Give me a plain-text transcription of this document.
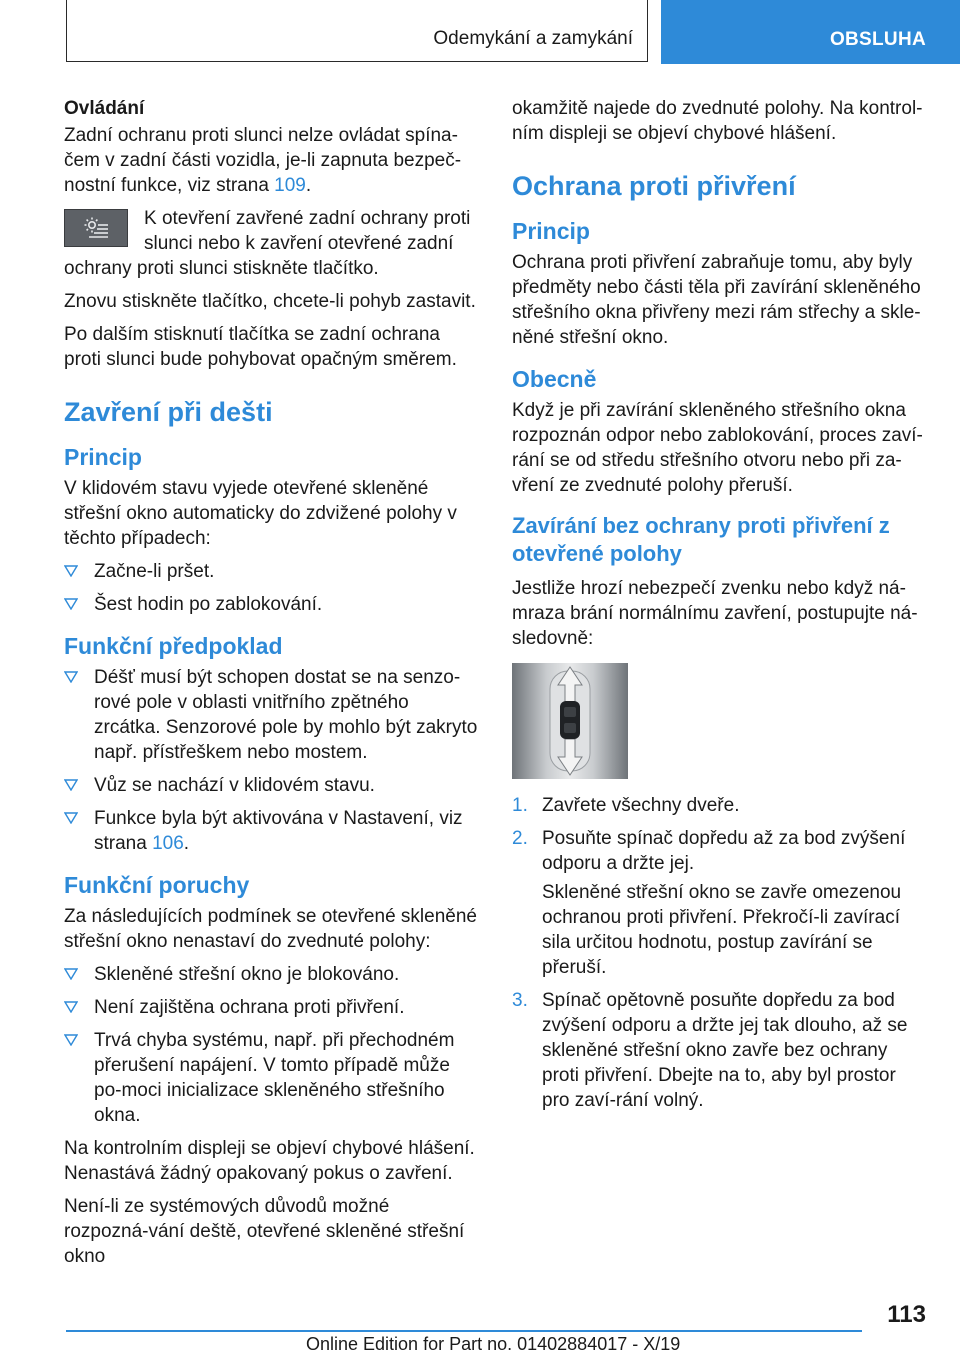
Odemykání a zamykání	OBSLUHA
Ovládání

Zadní ochranu proti slunci nelze ovládat spína-čem v zadní části vozidla, je-li zapnuta bezpeč-nostní funkce, viz strana 109.

K otevření zavřené zadní ochrany proti slunci nebo k zavření otevřené zadní ochrany proti slunci stiskněte tlačítko.

Znovu stiskněte tlačítko, chcete-li pohyb zastavit.

Po dalším stisknutí tlačítka se zadní ochrana proti slunci bude pohybovat opačným směrem.

Zavření při dešti
Princip

V klidovém stavu vyjede otevřené skleněné střešní okno automaticky do zdvižené polohy v těchto případech:

Začne-li pršet.
Šest hodin po zablokování.
Funkční předpoklad
Déšť musí být schopen dostat se na senzo-rové pole v oblasti vnitřního zpětného zrcátka. Senzorové pole by mohlo být zakryto např. přístřeškem nebo mostem.
Vůz se nachází v klidovém stavu.
Funkce byla být aktivována v Nastavení, viz strana 106.
Funkční poruchy

Za následujících podmínek se otevřené skleněné střešní okno nenastaví do zvednuté polohy:

Skleněné střešní okno je blokováno.
Není zajištěna ochrana proti přivření.
Trvá chyba systému, např. při přechodném přerušení napájení. V tomto případě může po-moci inicializace skleněného střešního okna.

Na kontrolním displeji se objeví chybové hlášení. Nenastává žádný opakovaný pokus o zavření.

Není-li ze systémových důvodů možné rozpozná-vání deště, otevřené skleněné střešní okno

okamžitě najede do zvednuté polohy. Na kontrol-ním displeji se objeví chybové hlášení.

Ochrana proti přivření
Princip

Ochrana proti přivření zabraňuje tomu, aby byly předměty nebo části těla při zavírání skleněného střešního okna přivřeny mezi rám střechy a skle-něné střešní okno.

Obecně

Když je při zavírání skleněného střešního okna rozpoznán odpor nebo zablokování, proces zaví-rání se od středu střešního otvoru nebo při za-vření ze zvednuté polohy přeruší.

Zavírání bez ochrany proti přivření z otevřené polohy

Jestliže hrozí nebezpečí zvenku nebo když ná-mraza brání normálnímu zavření, postupujte ná-sledovně:

1. Zavřete všechny dveře.
2. Posuňte spínač dopředu až za bod zvýšení odporu a držte jej.
Skleněné střešní okno se zavře omezenou ochranou proti přivření. Překročí-li zavírací sila určitou hodnotu, postup zavírání se přeruší.
3. Spínač opětovně posuňte dopředu za bod zvýšení odporu a držte jej tak dlouho, až se skleněné střešní okno zavře bez ochrany proti přivření. Dbejte na to, aby byl prostor pro zaví-rání volný.
113
Online Edition for Part no. 01402884017 - X/19
